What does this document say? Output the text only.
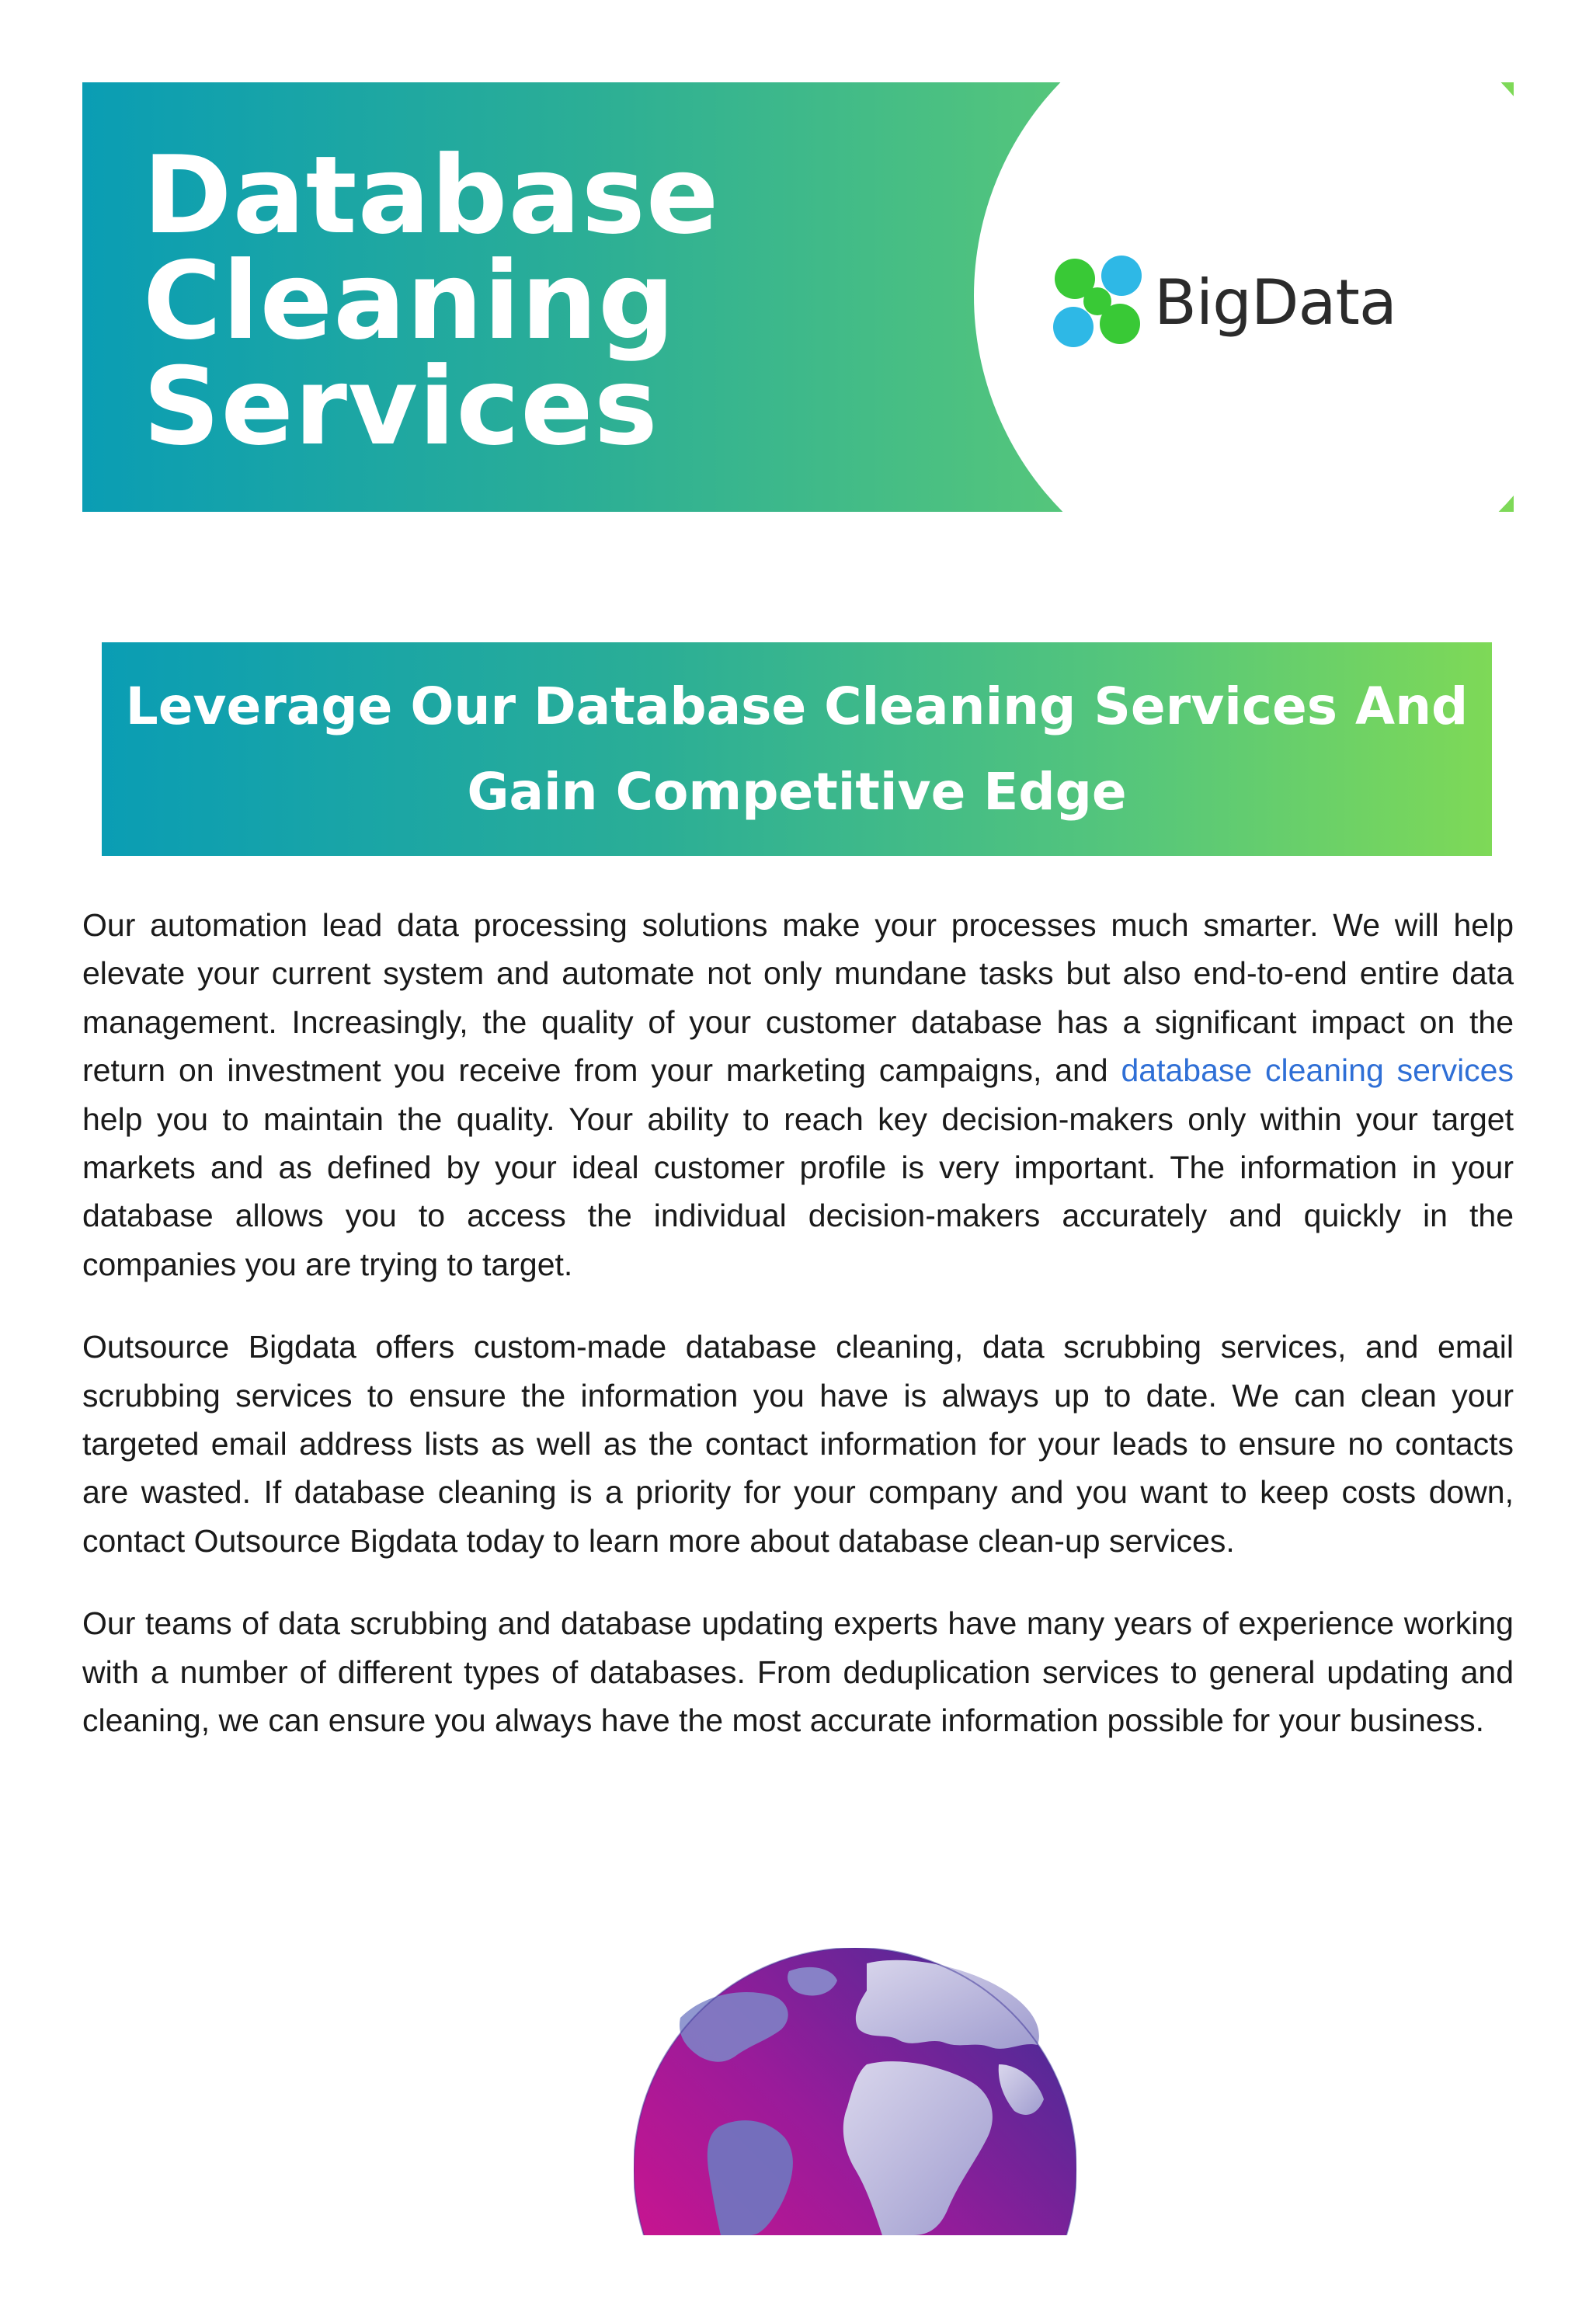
Database
Cleaning
Services
BigData
Leverage Our Database Cleaning Services And Gain Competitive Edge

Our automation lead data processing solutions make your processes much smarter. We will help elevate your current system and automate not only mundane tasks but also end-to-end entire data management. Increasingly, the quality of your customer database has a significant impact on the return on investment you receive from your marketing campaigns, and database cleaning services help you to maintain the quality. Your ability to reach key decision-makers only within your target markets and as defined by your ideal customer profile is very important. The information in your database allows you to access the individual decision-makers accurately and quickly in the companies you are trying to target.

Outsource Bigdata offers custom-made database cleaning, data scrubbing services, and email scrubbing services to ensure the information you have is always up to date. We can clean your targeted email address lists as well as the contact information for your leads to ensure no contacts are wasted. If database cleaning is a priority for your company and you want to keep costs down, contact Outsource Bigdata today to learn more about database clean-up services.

Our teams of data scrubbing and database updating experts have many years of experience working with a number of different types of databases. From deduplication services to general updating and cleaning, we can ensure you always have the most accurate information possible for your business.
